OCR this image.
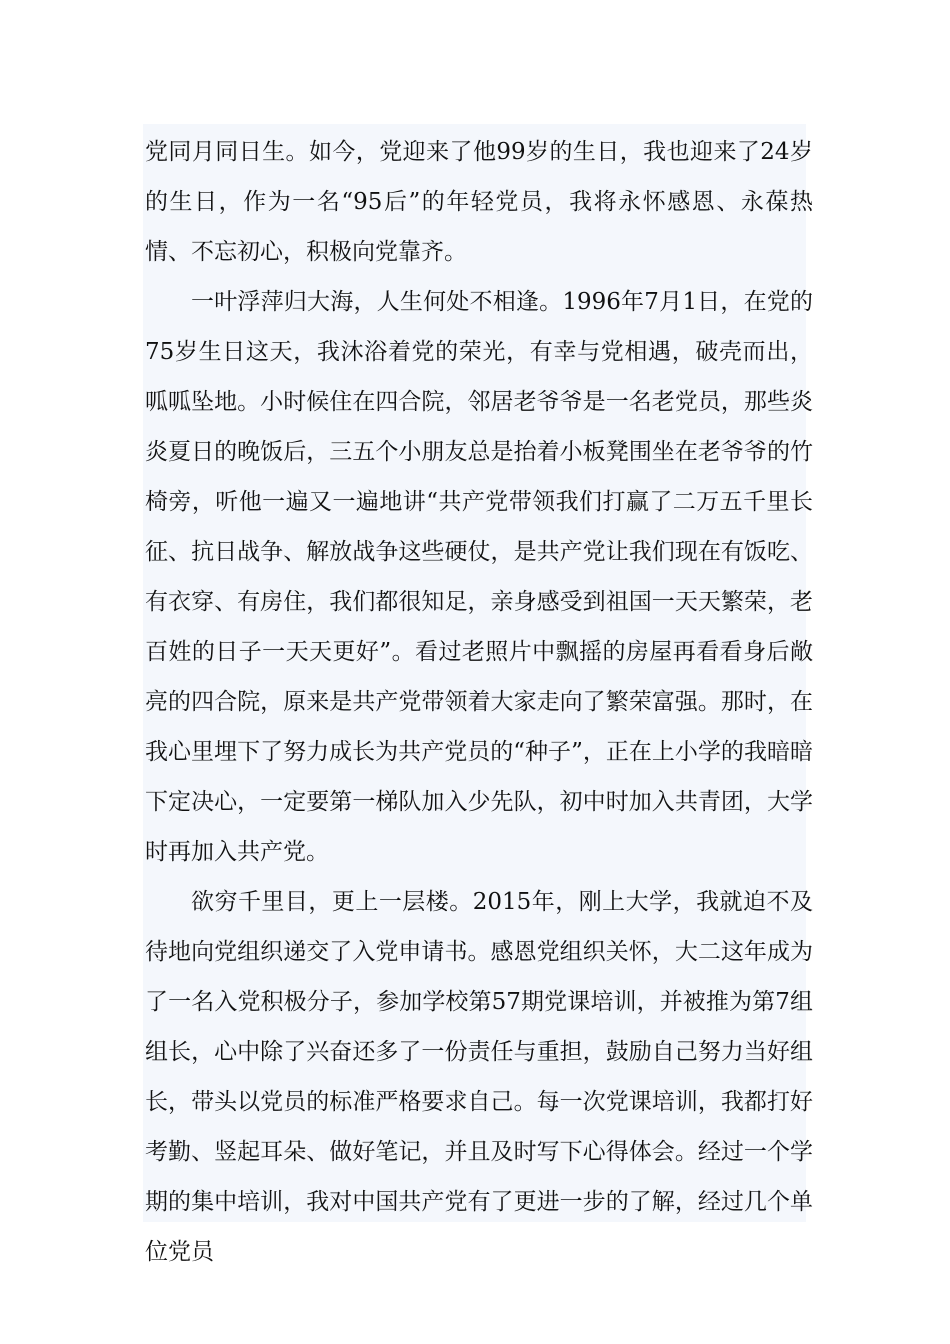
党同月同日生。如今，党迎来了他99岁的生日，我也迎来了24岁的生日，作为一名“95后”的年轻党员，我将永怀感恩、永葆热情、不忘初心，积极向党靠齐。

一叶浮萍归大海，人生何处不相逢。1996年7月1日，在党的75岁生日这天，我沐浴着党的荣光，有幸与党相遇，破壳而出，呱呱坠地。小时候住在四合院，邻居老爷爷是一名老党员，那些炎炎夏日的晚饭后，三五个小朋友总是抬着小板凳围坐在老爷爷的竹椅旁，听他一遍又一遍地讲“共产党带领我们打赢了二万五千里长征、抗日战争、解放战争这些硬仗，是共产党让我们现在有饭吃、有衣穿、有房住，我们都很知足，亲身感受到祖国一天天繁荣，老百姓的日子一天天更好”。看过老照片中飘摇的房屋再看看身后敞亮的四合院，原来是共产党带领着大家走向了繁荣富强。那时，在我心里埋下了努力成长为共产党员的“种子”，正在上小学的我暗暗下定决心，一定要第一梯队加入少先队，初中时加入共青团，大学时再加入共产党。

欲穷千里目，更上一层楼。2015年，刚上大学，我就迫不及待地向党组织递交了入党申请书。感恩党组织关怀，大二这年成为了一名入党积极分子，参加学校第57期党课培训，并被推为第7组组长，心中除了兴奋还多了一份责任与重担，鼓励自己努力当好组长，带头以党员的标准严格要求自己。每一次党课培训，我都打好考勤、竖起耳朵、做好笔记，并且及时写下心得体会。经过一个学期的集中培训，我对中国共产党有了更进一步的了解，经过几个单位党员
